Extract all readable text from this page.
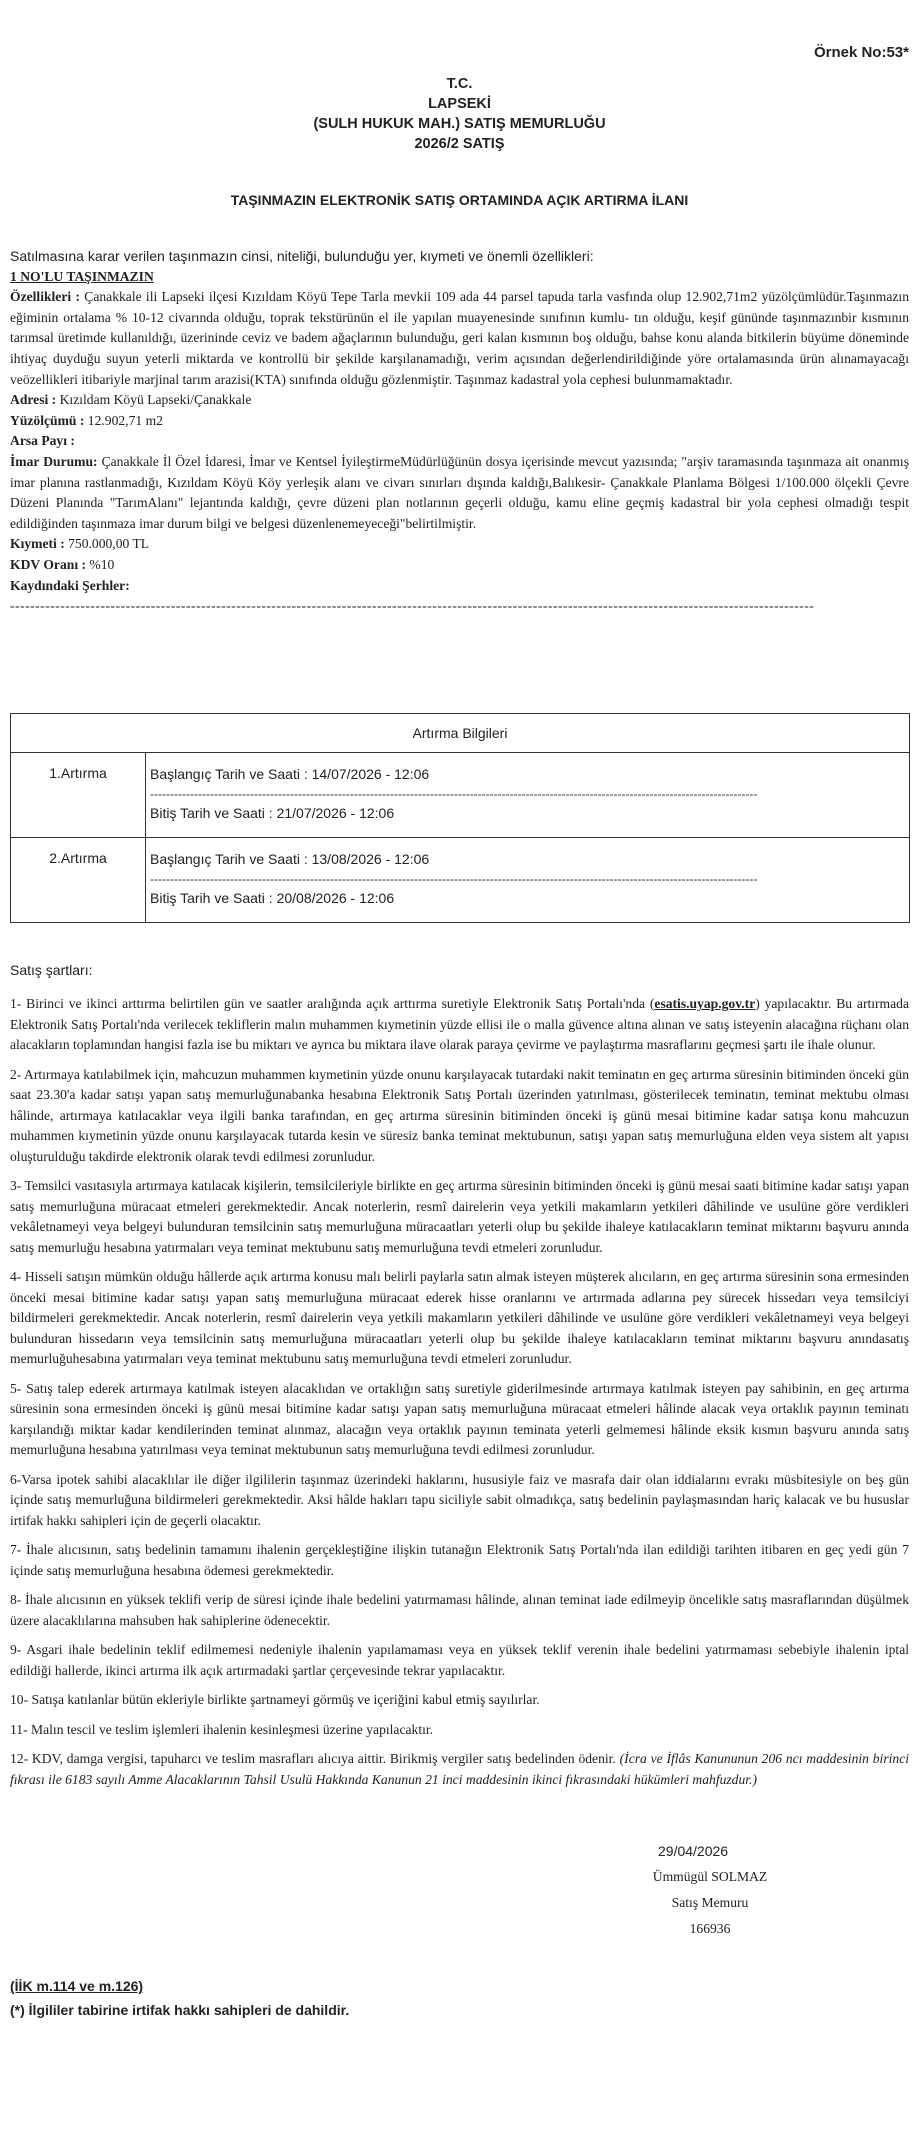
Örnek No:53*
T.C.
LAPSEKİ
(SULH HUKUK MAH.) SATIŞ MEMURLUĞU
2026/2 SATIŞ
TAŞINMAZIN ELEKTRONİK SATIŞ ORTAMINDA AÇIK ARTIRMA İLANI
Satılmasına karar verilen taşınmazın cinsi, niteliği, bulunduğu yer, kıymeti ve önemli özellikleri:
1 NO'LU TAŞINMAZIN
Özellikleri : Çanakkale ili Lapseki ilçesi Kızıldam Köyü Tepe Tarla mevkii 109 ada 44 parsel tapuda tarla vasfında olup 12.902,71m2 yüzölçümlüdür.Taşınmazın eğiminin ortalama % 10-12 civarında olduğu, toprak tekstürünün el ile yapılan muayenesinde sınıfının kumlu- tın olduğu, keşif gününde taşınmazınbir kısmının tarımsal üretimde kullanıldığı, üzerininde ceviz ve badem ağaçlarının bulunduğu, geri kalan kısmının boş olduğu, bahse konu alanda bitkilerin büyüme döneminde ihtiyaç duyduğu suyun yeterli miktarda ve kontrollü bir şekilde karşılanamadığı, verim açısından değerlendirildiğinde yöre ortalamasında ürün alınamayacağı veözellikleri itibariyle marjinal tarım arazisi(KTA) sınıfında olduğu gözlenmiştir. Taşınmaz kadastral yola cephesi bulunmamaktadır.
Adresi : Kızıldam Köyü Lapseki/Çanakkale
Yüzölçümü : 12.902,71 m2
Arsa Payı :
İmar Durumu: Çanakkale İl Özel İdaresi, İmar ve Kentsel İyileştirmeMüdürlüğünün dosya içerisinde mevcut yazısında; "arşiv taramasında taşınmaza ait onanmış imar planına rastlanmadığı, Kızıldam Köyü Köy yerleşik alanı ve civarı sınırları dışında kaldığı,Balıkesir- Çanakkale Planlama Bölgesi 1/100.000 ölçekli Çevre Düzeni Planında "TarımAlanı" lejantında kaldığı, çevre düzeni plan notlarının geçerli olduğu, kamu eline geçmiş kadastral bir yola cephesi olmadığı tespit edildiğinden taşınmaza imar durum bilgi ve belgesi düzenlenemeyeceği"belirtilmiştir.
Kıymeti : 750.000,00 TL
KDV Oranı : %10
Kaydındaki Şerhler:
----------------------------------------------------------------------------------------------------------------------------------------------------------------
Artırma Bilgileri	
1.Artırma	Başlangıç Tarih ve Saati : 14/07/2026 - 12:06
--------------------------------------------------------------------------------------------------------------------------------------------------------
Bitiş Tarih ve Saati : 21/07/2026 - 12:06

2.Artırma	Başlangıç Tarih ve Saati : 13/08/2026 - 12:06
--------------------------------------------------------------------------------------------------------------------------------------------------------
Bitiş Tarih ve Saati : 20/08/2026 - 12:06
Satış şartları:

1- Birinci ve ikinci arttırma belirtilen gün ve saatler aralığında açık arttırma suretiyle Elektronik Satış Portalı'nda (esatis.uyap.gov.tr) yapılacaktır. Bu artırmada Elektronik Satış Portalı'nda verilecek tekliflerin malın muhammen kıymetinin yüzde ellisi ile o malla güvence altına alınan ve satış isteyenin alacağına rüçhanı olan alacakların toplamından hangisi fazla ise bu miktarı ve ayrıca bu miktara ilave olarak paraya çevirme ve paylaştırma masraflarını geçmesi şartı ile ihale olunur.

2- Artırmaya katılabilmek için, mahcuzun muhammen kıymetinin yüzde onunu karşılayacak tutardaki nakit teminatın en geç artırma süresinin bitiminden önceki gün saat 23.30'a kadar satışı yapan satış memurluğunabanka hesabına Elektronik Satış Portalı üzerinden yatırılması, gösterilecek teminatın, teminat mektubu olması hâlinde, artırmaya katılacaklar veya ilgili banka tarafından, en geç artırma süresinin bitiminden önceki iş günü mesai bitimine kadar satışa konu mahcuzun muhammen kıymetinin yüzde onunu karşılayacak tutarda kesin ve süresiz banka teminat mektubunun, satışı yapan satış memurluğuna elden veya sistem alt yapısı oluşturulduğu takdirde elektronik olarak tevdi edilmesi zorunludur.

3- Temsilci vasıtasıyla artırmaya katılacak kişilerin, temsilcileriyle birlikte en geç artırma süresinin bitiminden önceki iş günü mesai saati bitimine kadar satışı yapan satış memurluğuna müracaat etmeleri gerekmektedir. Ancak noterlerin, resmî dairelerin veya yetkili makamların yetkileri dâhilinde ve usulüne göre verdikleri vekâletnameyi veya belgeyi bulunduran temsilcinin satış memurluğuna müracaatları yeterli olup bu şekilde ihaleye katılacakların teminat miktarını başvuru anında satış memurluğu hesabına yatırmaları veya teminat mektubunu satış memurluğuna tevdi etmeleri zorunludur.

4- Hisseli satışın mümkün olduğu hâllerde açık artırma konusu malı belirli paylarla satın almak isteyen müşterek alıcıların, en geç artırma süresinin sona ermesinden önceki mesai bitimine kadar satışı yapan satış memurluğuna müracaat ederek hisse oranlarını ve artırmada adlarına pey sürecek hissedarı veya temsilciyi bildirmeleri gerekmektedir. Ancak noterlerin, resmî dairelerin veya yetkili makamların yetkileri dâhilinde ve usulüne göre verdikleri vekâletnameyi veya belgeyi bulunduran hissedarın veya temsilcinin satış memurluğuna müracaatları yeterli olup bu şekilde ihaleye katılacakların teminat miktarını başvuru anındasatış memurluğuhesabına yatırmaları veya teminat mektubunu satış memurluğuna tevdi etmeleri zorunludur.

5- Satış talep ederek artırmaya katılmak isteyen alacaklıdan ve ortaklığın satış suretiyle giderilmesinde artırmaya katılmak isteyen pay sahibinin, en geç artırma süresinin sona ermesinden önceki iş günü mesai bitimine kadar satışı yapan satış memurluğuna müracaat etmeleri hâlinde alacak veya ortaklık payının teminatı karşılandığı miktar kadar kendilerinden teminat alınmaz, alacağın veya ortaklık payının teminata yeterli gelmemesi hâlinde eksik kısmın başvuru anında satış memurluğuna hesabına yatırılması veya teminat mektubunun satış memurluğuna tevdi edilmesi zorunludur.

6-Varsa ipotek sahibi alacaklılar ile diğer ilgililerin taşınmaz üzerindeki haklarını, hususiyle faiz ve masrafa dair olan iddialarını evrakı müsbitesiyle on beş gün içinde satış memurluğuna bildirmeleri gerekmektedir. Aksi hâlde hakları tapu siciliyle sabit olmadıkça, satış bedelinin paylaşmasından hariç kalacak ve bu hususlar irtifak hakkı sahipleri için de geçerli olacaktır.

7- İhale alıcısının, satış bedelinin tamamını ihalenin gerçekleştiğine ilişkin tutanağın Elektronik Satış Portalı'nda ilan edildiği tarihten itibaren en geç yedi gün 7 içinde satış memurluğuna hesabına ödemesi gerekmektedir.

8- İhale alıcısının en yüksek teklifi verip de süresi içinde ihale bedelini yatırmaması hâlinde, alınan teminat iade edilmeyip öncelikle satış masraflarından düşülmek üzere alacaklılarına mahsuben hak sahiplerine ödenecektir.

9- Asgari ihale bedelinin teklif edilmemesi nedeniyle ihalenin yapılamaması veya en yüksek teklif verenin ihale bedelini yatırmaması sebebiyle ihalenin iptal edildiği hallerde, ikinci artırma ilk açık artırmadaki şartlar çerçevesinde tekrar yapılacaktır.

10- Satışa katılanlar bütün ekleriyle birlikte şartnameyi görmüş ve içeriğini kabul etmiş sayılırlar.

11- Malın tescil ve teslim işlemleri ihalenin kesinleşmesi üzerine yapılacaktır.

12- KDV, damga vergisi, tapuharcı ve teslim masrafları alıcıya aittir. Birikmiş vergiler satış bedelinden ödenir. (İcra ve İflâs Kanununun 206 ncı maddesinin birinci fıkrası ile 6183 sayılı Amme Alacaklarının Tahsil Usulü Hakkında Kanunun 21 inci maddesinin ikinci fıkrasındaki hükümleri mahfuzdur.)

29/04/2026
Ümmügül SOLMAZ
Satış Memuru
166936
(İİK m.114 ve m.126)
(*) İlgililer tabirine irtifak hakkı sahipleri de dahildir.
